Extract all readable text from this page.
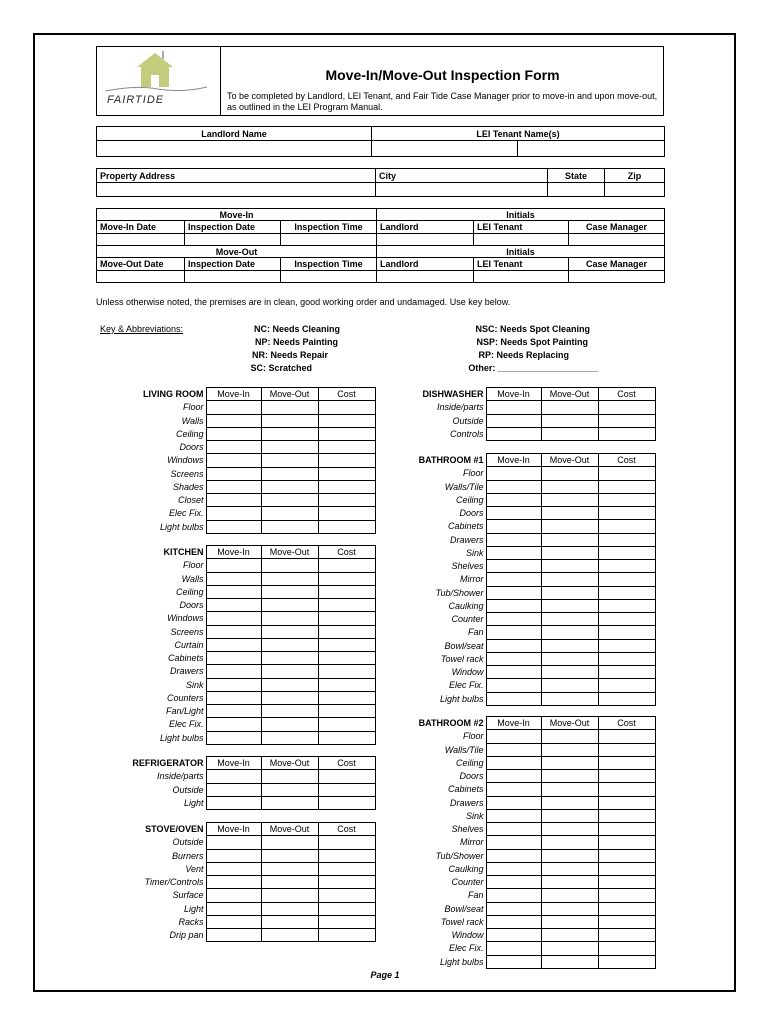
FAIRTIDE
Move-In/Move-Out Inspection Form
To be completed by Landlord, LEI Tenant, and Fair Tide Case Manager prior to move-in and upon move-out, as outlined in the LEI Program Manual.
Landlord Name	LEI Tenant Name(s)	

Property Address	City	State	Zip

Move-In			Initials		
Move-In Date	Inspection Date	Inspection Time	Landlord	LEI Tenant	Case Manager

Move-Out			Initials		
Move-Out Date	Inspection Date	Inspection Time	Landlord	LEI Tenant	Case Manager

Unless otherwise noted, the premises are in clean, good working order and undamaged. Use key below.
Key & Abbreviations:	NC: Needs Cleaning
NP: Needs Painting
NR: Needs Repair
SC: Scratched
NSC: Needs Spot Cleaning
NSP: Needs Spot Painting
RP: Needs Replacing
Other: ____________________
LIVING ROOM	Move-In	Move-Out	Cost
Floor			
Walls			
Ceiling			
Doors			
Windows			
Screens			
Shades			
Closet			
Elec Fix.			
Light bulbs			
KITCHEN	Move-In	Move-Out	Cost
Floor			
Walls			
Ceiling			
Doors			
Windows			
Screens			
Curtain			
Cabinets			
Drawers			
Sink			
Counters			
Fan/Light			
Elec Fix.			
Light bulbs			
REFRIGERATOR	Move-In	Move-Out	Cost
Inside/parts			
Outside			
Light			
STOVE/OVEN	Move-In	Move-Out	Cost
Outside			
Burners			
Vent			
Timer/Controls			
Surface			
Light			
Racks			
Drip pan			
DISHWASHER	Move-In	Move-Out	Cost
Inside/parts			
Outside			
Controls			
BATHROOM #1	Move-In	Move-Out	Cost
Floor			
Walls/Tile			
Ceiling			
Doors			
Cabinets			
Drawers			
Sink			
Shelves			
Mirror			
Tub/Shower			
Caulking			
Counter			
Fan			
Bowl/seat			
Towel rack			
Window			
Elec Fix.			
Light bulbs			
BATHROOM #2	Move-In	Move-Out	Cost
Floor			
Walls/Tile			
Ceiling			
Doors			
Cabinets			
Drawers			
Sink			
Shelves			
Mirror			
Tub/Shower			
Caulking			
Counter			
Fan			
Bowl/seat			
Towel rack			
Window			
Elec Fix.			
Light bulbs			
Page 1
